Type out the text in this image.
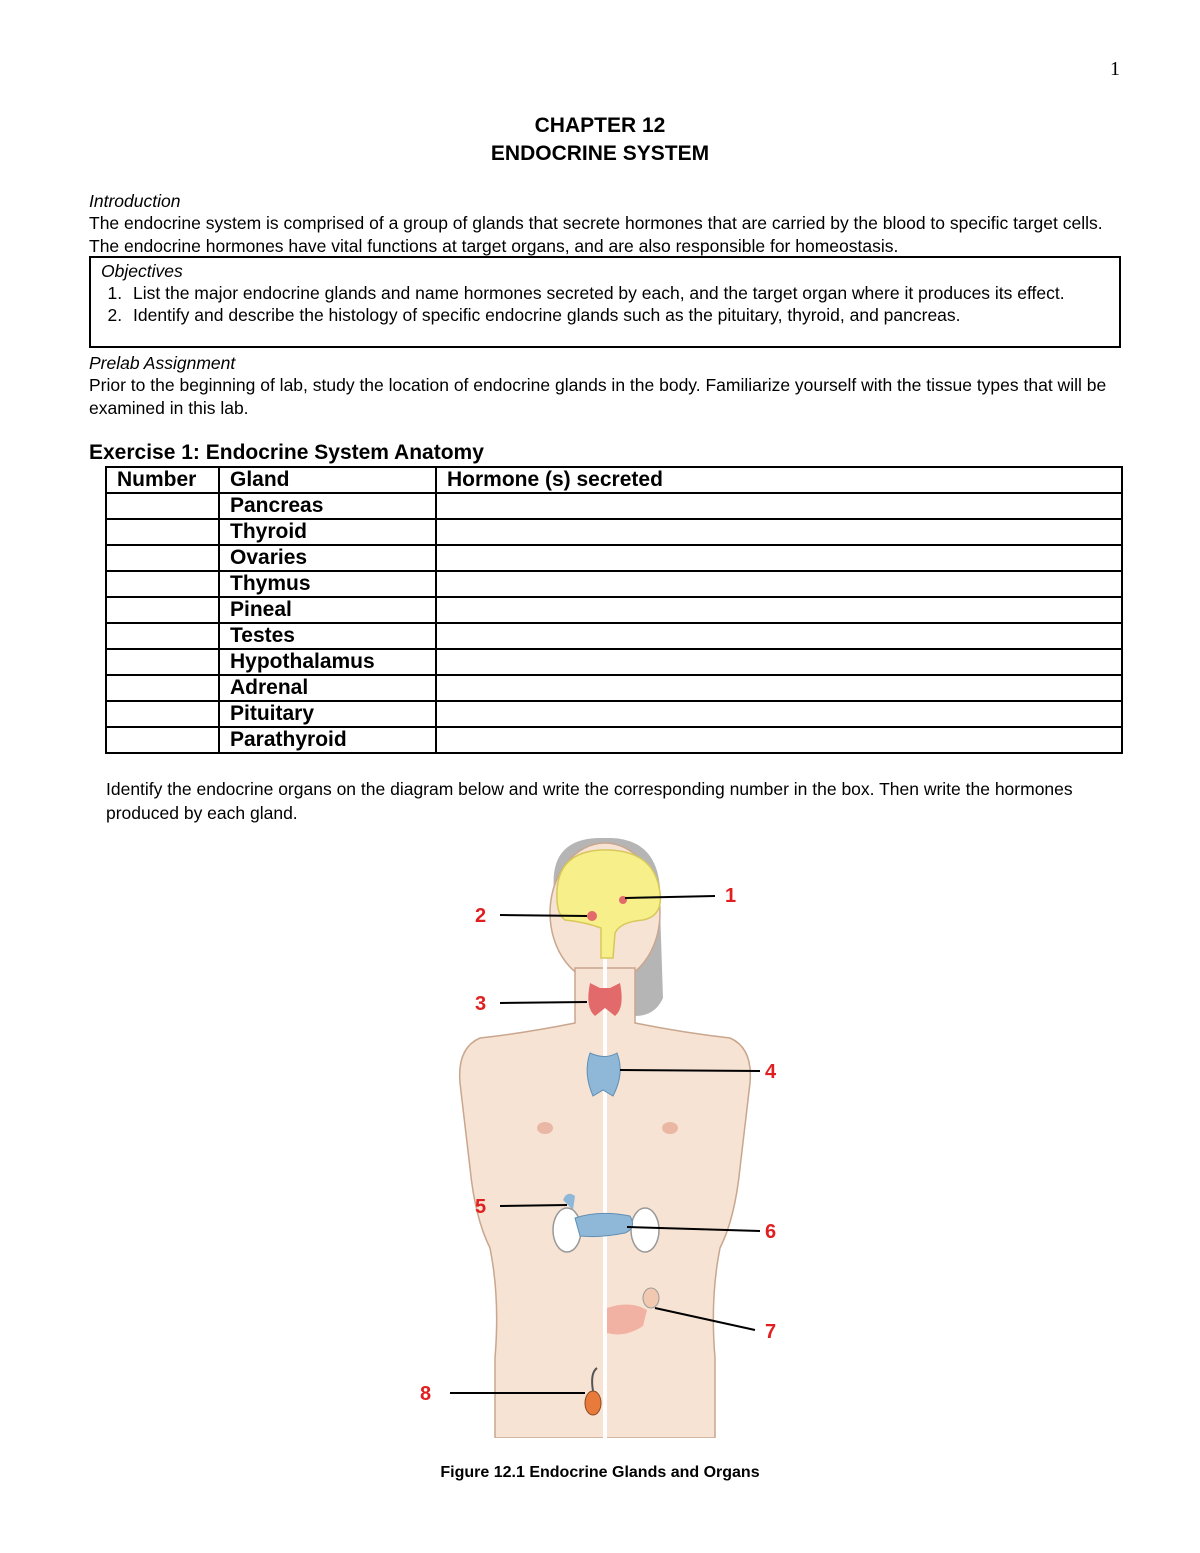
1
CHAPTER 12
ENDOCRINE SYSTEM
Introduction
The endocrine system is comprised of a group of glands that secrete hormones that are carried by the blood to specific target cells. The endocrine hormones have vital functions at target organs, and are also responsible for homeostasis.
Objectives
1. List the major endocrine glands and name hormones secreted by each, and the target organ where it produces its effect.
2. Identify and describe the histology of specific endocrine glands such as the pituitary, thyroid, and pancreas.
Prelab Assignment
Prior to the beginning of lab, study the location of endocrine glands in the body. Familiarize yourself with the tissue types that will be examined in this lab.
Exercise 1: Endocrine System Anatomy
Number	Gland	Hormone (s) secreted
	Pancreas	
	Thyroid	
	Ovaries	
	Thymus	
	Pineal	
	Testes	
	Hypothalamus	
	Adrenal	
	Pituitary	
	Parathyroid	
Identify the endocrine organs on the diagram below and write the corresponding number in the box. Then write the hormones produced by each gland.
1
2
3
4
5
6
7
8
Figure 12.1 Endocrine Glands and Organs
